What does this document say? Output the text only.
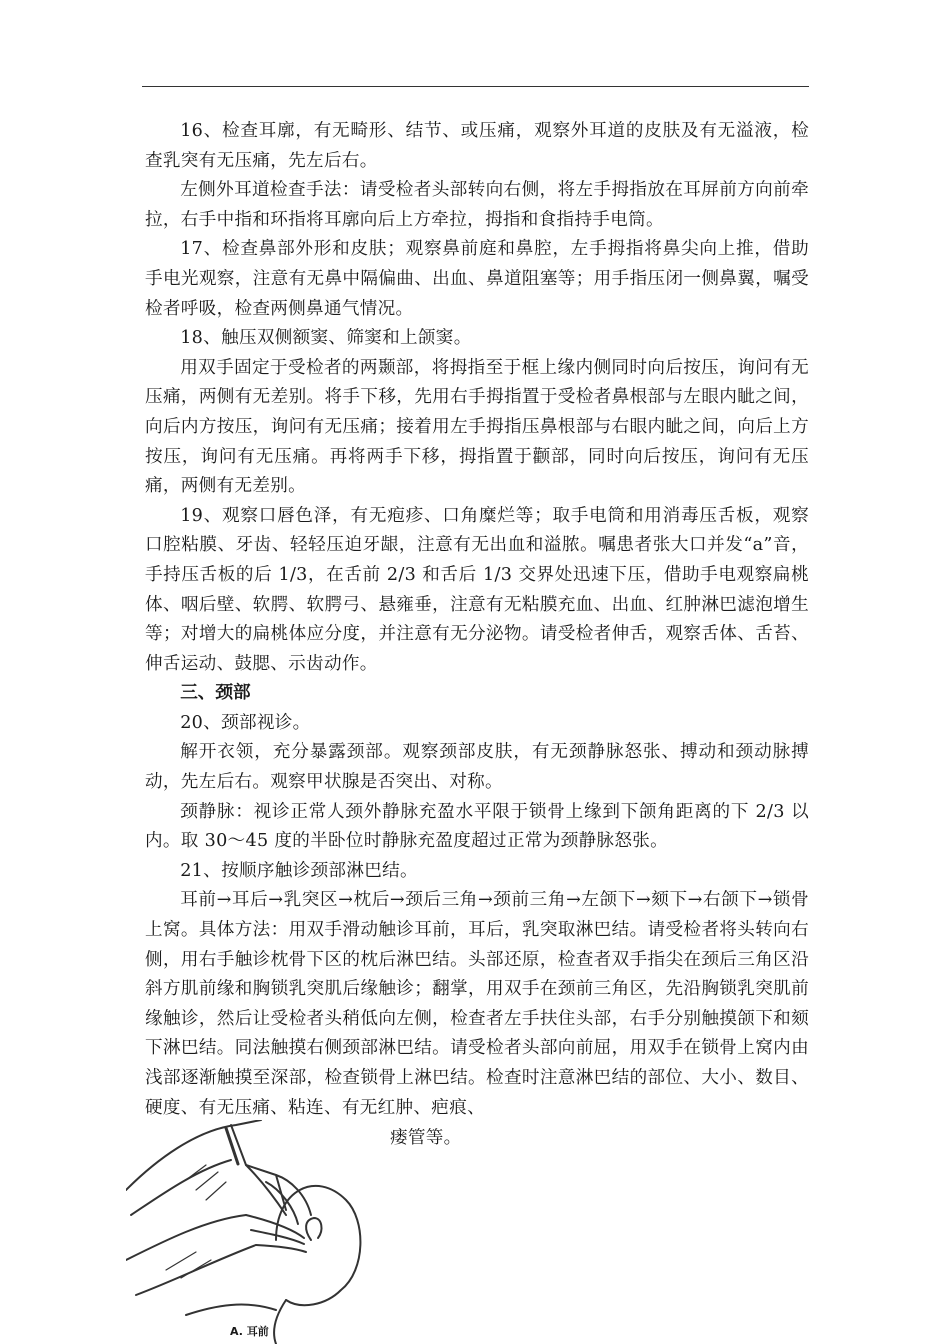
16、检查耳廓，有无畸形、结节、或压痛，观察外耳道的皮肤及有无溢液，检查乳突有无压痛，先左后右。

左侧外耳道检查手法：请受检者头部转向右侧，将左手拇指放在耳屏前方向前牵拉，右手中指和环指将耳廓向后上方牵拉，拇指和食指持手电筒。

17、检查鼻部外形和皮肤；观察鼻前庭和鼻腔，左手拇指将鼻尖向上推，借助手电光观察，注意有无鼻中隔偏曲、出血、鼻道阻塞等；用手指压闭一侧鼻翼，嘱受检者呼吸，检查两侧鼻通气情况。

18、触压双侧额窦、筛窦和上颌窦。

用双手固定于受检者的两颞部，将拇指至于框上缘内侧同时向后按压，询问有无压痛，两侧有无差别。将手下移，先用右手拇指置于受检者鼻根部与左眼内眦之间，向后内方按压，询问有无压痛；接着用左手拇指压鼻根部与右眼内眦之间，向后上方按压，询问有无压痛。再将两手下移，拇指置于颧部，同时向后按压，询问有无压痛，两侧有无差别。

19、观察口唇色泽，有无疱疹、口角糜烂等；取手电筒和用消毒压舌板，观察口腔粘膜、牙齿、轻轻压迫牙龈，注意有无出血和溢脓。嘱患者张大口并发“a”音，手持压舌板的后 1/3，在舌前 2/3 和舌后 1/3 交界处迅速下压，借助手电观察扁桃体、咽后壁、软腭、软腭弓、悬雍垂，注意有无粘膜充血、出血、红肿淋巴滤泡增生等；对增大的扁桃体应分度，并注意有无分泌物。请受检者伸舌，观察舌体、舌苔、伸舌运动、鼓腮、示齿动作。

三、颈部

20、颈部视诊。

解开衣领，充分暴露颈部。观察颈部皮肤，有无颈静脉怒张、搏动和颈动脉搏动，先左后右。观察甲状腺是否突出、对称。

颈静脉：视诊正常人颈外静脉充盈水平限于锁骨上缘到下颌角距离的下 2/3 以内。取 30～45 度的半卧位时静脉充盈度超过正常为颈静脉怒张。

21、按顺序触诊颈部淋巴结。

耳前→耳后→乳突区→枕后→颈后三角→颈前三角→左颌下→颏下→右颌下→锁骨上窝。具体方法：用双手滑动触诊耳前，耳后，乳突取淋巴结。请受检者将头转向右侧，用右手触诊枕骨下区的枕后淋巴结。头部还原，检查者双手指尖在颈后三角区沿斜方肌前缘和胸锁乳突肌后缘触诊；翻掌，用双手在颈前三角区，先沿胸锁乳突肌前缘触诊，然后让受检者头稍低向左侧，检查者左手扶住头部，右手分别触摸颌下和颏下淋巴结。同法触摸右侧颈部淋巴结。请受检者头部向前屈，用双手在锁骨上窝内由浅部逐渐触摸至深部，检查锁骨上淋巴结。检查时注意淋巴结的部位、大小、数目、硬度、有无压痛、粘连、有无红肿、疤痕、

瘘管等。
A. 耳前
